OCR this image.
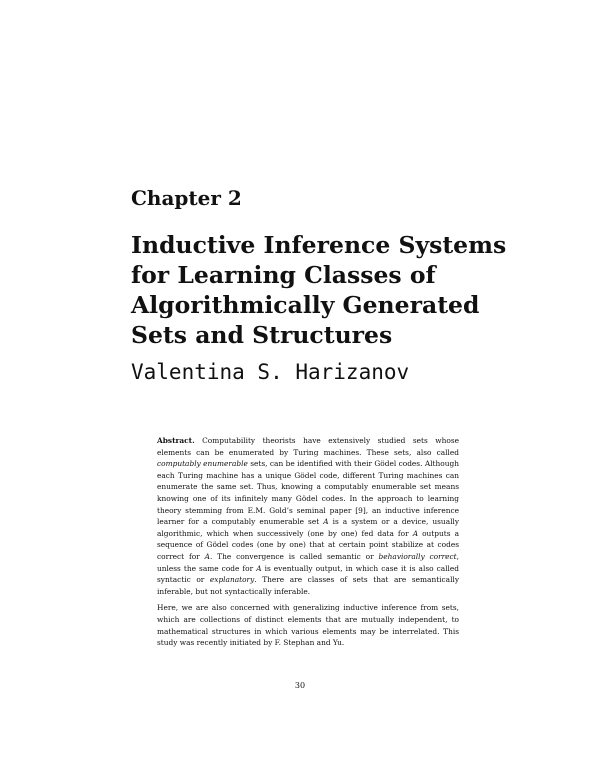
Chapter 2
Inductive Inference Systems
for Learning Classes of
Algorithmically Generated
Sets and Structures
Valentina S. Harizanov

Abstract. Computability theorists have extensively studied sets whose elements can be enumerated by Turing machines. These sets, also called computably enumerable sets, can be identified with their Gödel codes. Although each Turing machine has a unique Gödel code, different Turing machines can enumerate the same set. Thus, knowing a computably enumerable set means knowing one of its infinitely many Gödel codes. In the approach to learning theory stemming from E.M. Gold’s seminal paper [9], an inductive inference learner for a computably enumerable set A is a system or a device, usually algorithmic, which when successively (one by one) fed data for A outputs a sequence of Gödel codes (one by one) that at certain point stabilize at codes correct for A. The convergence is called semantic or behaviorally correct, unless the same code for A is eventually output, in which case it is also called syntactic or explanatory. There are classes of sets that are semantically inferable, but not syntactically inferable.

Here, we are also concerned with generalizing inductive inference from sets, which are collections of distinct elements that are mutually independent, to mathematical structures in which various elements may be interrelated. This study was recently initiated by F. Stephan and Yu.

30
